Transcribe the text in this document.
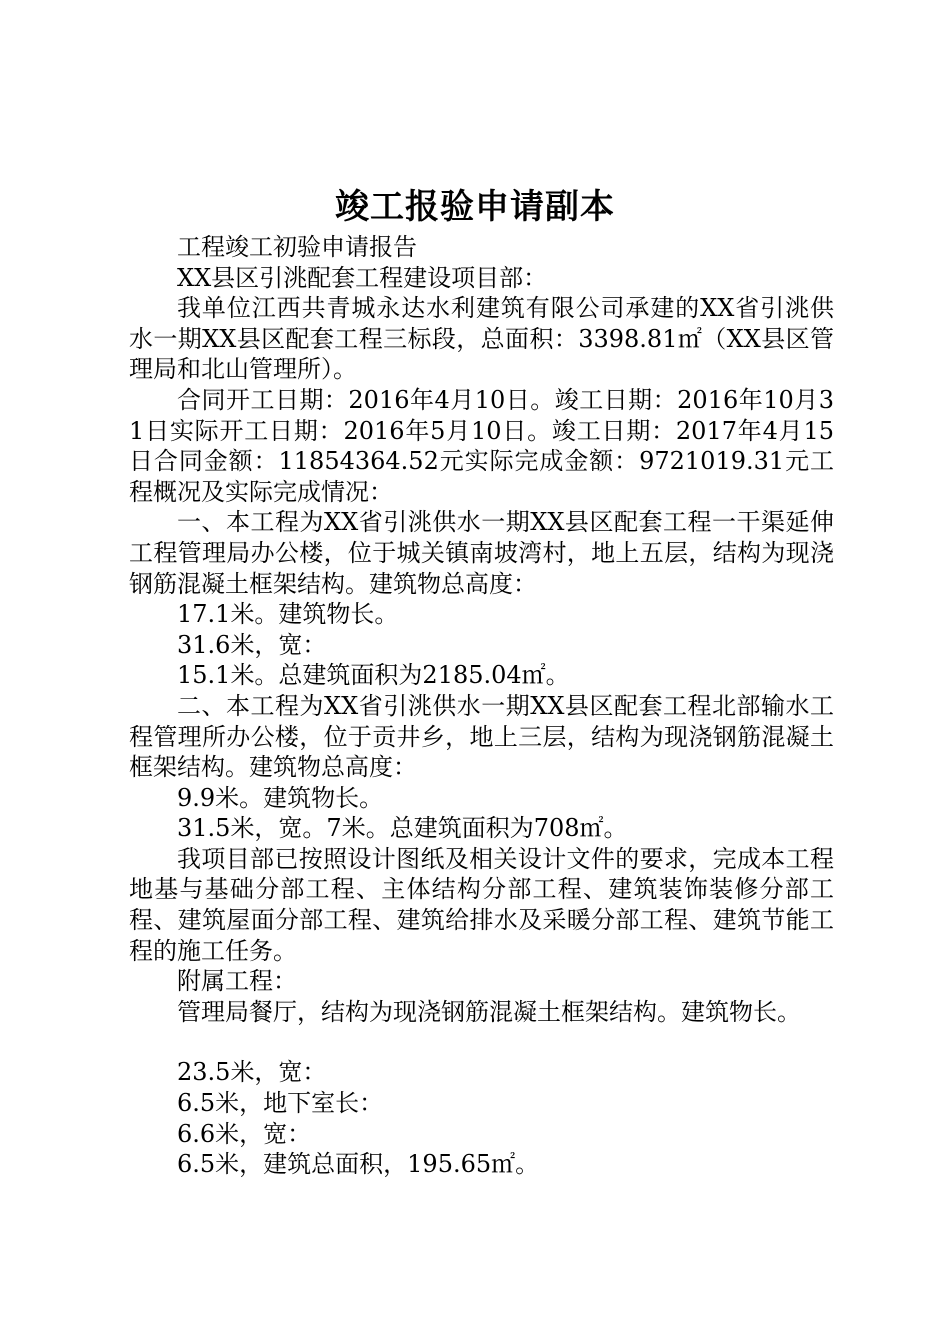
竣工报验申请副本

工程竣工初验申请报告

XX县区引洮配套工程建设项目部：

我单位江西共青城永达水利建筑有限公司承建的XX省引洮供水一期XX县区配套工程三标段，总面积：3398.81㎡（XX县区管理局和北山管理所）。

合同开工日期：2016年4月10日。竣工日期：2016年10月31日实际开工日期：2016年5月10日。竣工日期：2017年4月15日合同金额：11854364.52元实际完成金额：9721019.31元工程概况及实际完成情况：

一、本工程为XX省引洮供水一期XX县区配套工程一干渠延伸工程管理局办公楼，位于城关镇南坡湾村，地上五层，结构为现浇钢筋混凝土框架结构。建筑物总高度：

17.1米。建筑物长。

31.6米，宽：

15.1米。总建筑面积为2185.04㎡。

二、本工程为XX省引洮供水一期XX县区配套工程北部输水工程管理所办公楼，位于贡井乡，地上三层，结构为现浇钢筋混凝土框架结构。建筑物总高度：

9.9米。建筑物长。

31.5米，宽。7米。总建筑面积为708㎡。

我项目部已按照设计图纸及相关设计文件的要求，完成本工程地基与基础分部工程、主体结构分部工程、建筑装饰装修分部工程、建筑屋面分部工程、建筑给排水及采暖分部工程、建筑节能工程的施工任务。

附属工程：

管理局餐厅，结构为现浇钢筋混凝土框架结构。建筑物长。

23.5米，宽：

6.5米，地下室长：

6.6米，宽：

6.5米，建筑总面积，195.65㎡。
